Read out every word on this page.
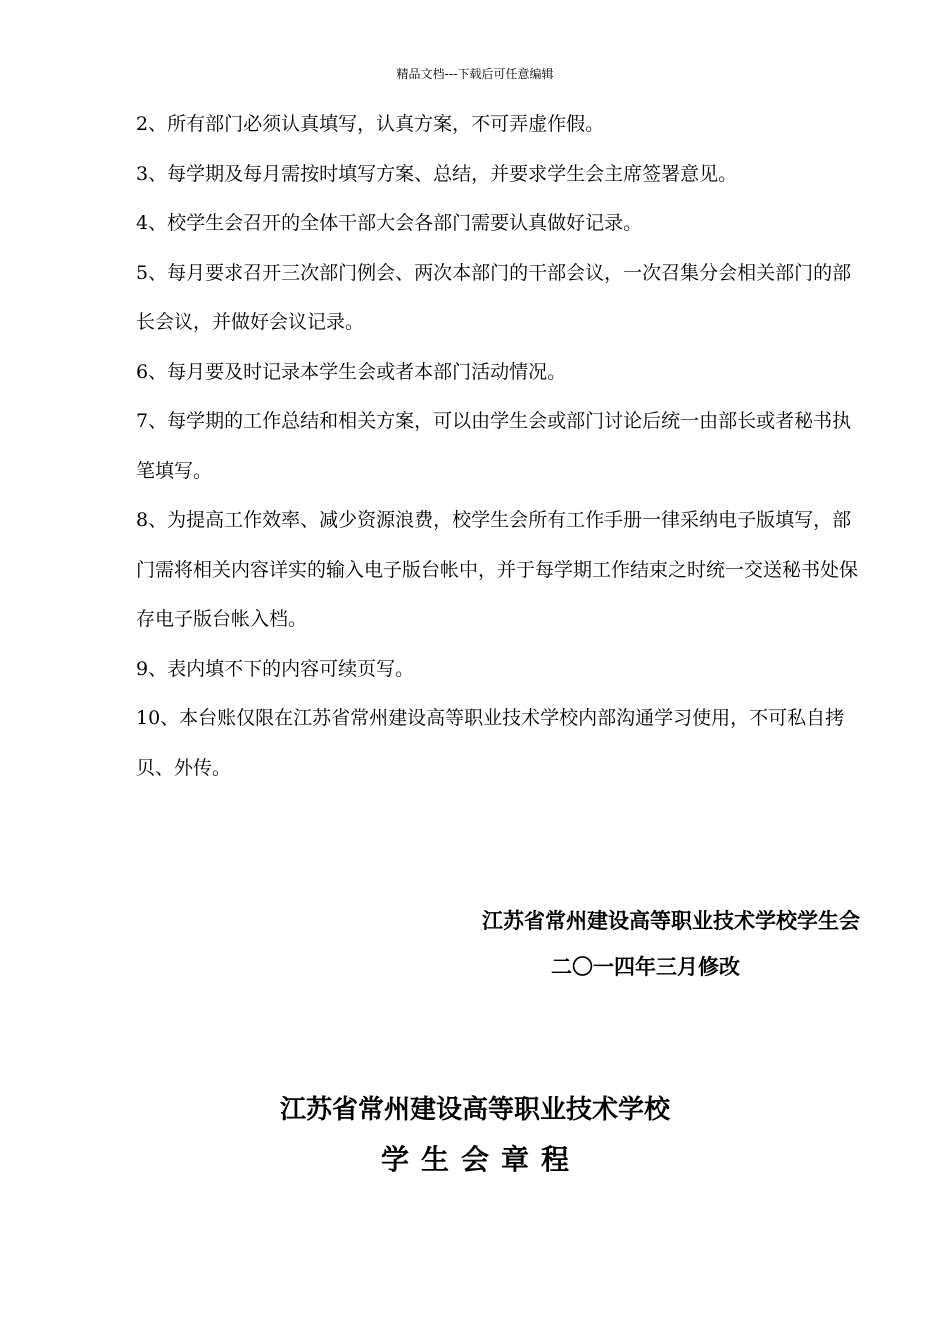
精品文档---下载后可任意编辑
2、所有部门必须认真填写，认真方案，不可弄虚作假。
3、每学期及每月需按时填写方案、总结，并要求学生会主席签署意见。
4、校学生会召开的全体干部大会各部门需要认真做好记录。
5、每月要求召开三次部门例会、两次本部门的干部会议，一次召集分会相关部门的部长会议，并做好会议记录。
6、每月要及时记录本学生会或者本部门活动情况。
7、每学期的工作总结和相关方案，可以由学生会或部门讨论后统一由部长或者秘书执笔填写。
8、为提高工作效率、减少资源浪费，校学生会所有工作手册一律采纳电子版填写，部门需将相关内容详实的输入电子版台帐中，并于每学期工作结束之时统一交送秘书处保存电子版台帐入档。
9、表内填不下的内容可续页写。
10、本台账仅限在江苏省常州建设高等职业技术学校内部沟通学习使用，不可私自拷贝、外传。
江苏省常州建设高等职业技术学校学生会
二〇一四年三月修改
江苏省常州建设高等职业技术学校
学生会章程
